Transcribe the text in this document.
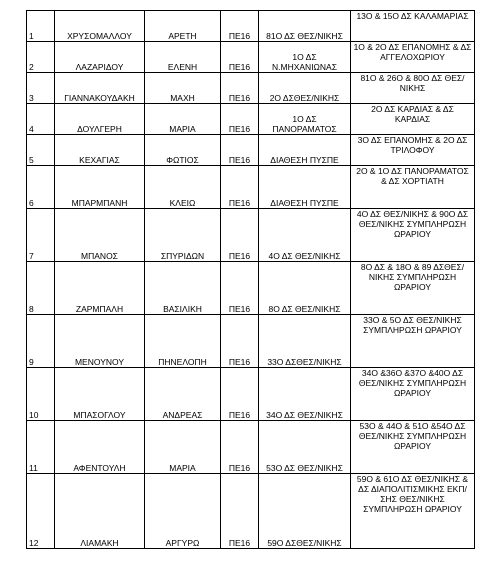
1	ΧΡΥΣΟΜΑΛΛΟΥ	ΑΡΕΤΗ	ΠΕ16	81Ο ΔΣ ΘΕΣ/ΝΙΚΗΣ	13Ο & 15Ο ΔΣ ΚΑΛΑΜΑΡΙΑΣ

2	ΛΑΖΑΡΙΔΟΥ	ΕΛΕΝΗ	ΠΕ16	1Ο ΔΣ Ν.ΜΗΧΑΝΙΩΝΑΣ	1Ο & 2Ο ΔΣ ΕΠΑΝΟΜΗΣ & ΔΣ ΑΓΓΕΛΟΧΩΡΙΟΥ

3	ΓΙΑΝΝΑΚΟΥΔΑΚΗ	ΜΑΧΗ	ΠΕ16	2Ο ΔΣΘΕΣ/ΝΙΚΗΣ	81Ο & 26Ο & 80Ο ΔΣ ΘΕΣ/ΝΙΚΗΣ

4	ΔΟΥΛΓΕΡΗ	ΜΑΡΙΑ	ΠΕ16	1Ο ΔΣ ΠΑΝΟΡΑΜΑΤΟΣ	2Ο ΔΣ ΚΑΡΔΙΑΣ & ΔΣ ΚΑΡΔΙΑΣ

5	ΚΕΧΑΓΙΑΣ	ΦΩΤΙΟΣ	ΠΕ16	ΔΙΑΘΕΣΗ ΠΥΣΠΕ	3Ο ΔΣ ΕΠΑΝΟΜΗΣ & 2Ο ΔΣ ΤΡΙΛΟΦΟΥ

6	ΜΠΑΡΜΠΑΝΗ	ΚΛΕΙΩ	ΠΕ16	ΔΙΑΘΕΣΗ ΠΥΣΠΕ	2Ο & 1Ο ΔΣ ΠΑΝΟΡΑΜΑΤΟΣ & ΔΣ ΧΟΡΤΙΑΤΗ

7	ΜΠΑΝΟΣ	ΣΠΥΡΙΔΩΝ	ΠΕ16	4Ο ΔΣ ΘΕΣ/ΝΙΚΗΣ	4Ο ΔΣ ΘΕΣ/ΝΙΚΗΣ & 90Ο ΔΣ ΘΕΣ/ΝΙΚΗΣ ΣΥΜΠΛΗΡΩΣΗ ΩΡΑΡΙΟΥ

8	ΖΑΡΜΠΑΛΗ	ΒΑΣΙΛΙΚΗ	ΠΕ16	8Ο ΔΣ ΘΕΣ/ΝΙΚΗΣ	8Ο ΔΣ & 18Ο & 89 ΔΣΘΕΣ/ΝΙΚΗΣ ΣΥΜΠΛΗΡΩΣΗ ΩΡΑΡΙΟΥ

9	ΜΕΝΟΥΝΟΥ	ΠΗΝΕΛΟΠΗ	ΠΕ16	33Ο ΔΣΘΕΣ/ΝΙΚΗΣ	33Ο & 5Ο ΔΣ ΘΕΣ/ΝΙΚΗΣ ΣΥΜΠΛΗΡΩΣΗ ΩΡΑΡΙΟΥ

10	ΜΠΑΣΟΓΛΟΥ	ΑΝΔΡΕΑΣ	ΠΕ16	34Ο ΔΣ ΘΕΣ/ΝΙΚΗΣ	34Ο &36Ο &37Ο &40Ο ΔΣ ΘΕΣ/ΝΙΚΗΣ ΣΥΜΠΛΗΡΩΣΗ ΩΡΑΡΙΟΥ

11	ΑΦΕΝΤΟΥΛΗ	ΜΑΡΙΑ	ΠΕ16	53Ο ΔΣ ΘΕΣ/ΝΙΚΗΣ	53Ο & 44Ο & 51Ο &54Ο ΔΣ ΘΕΣ/ΝΙΚΗΣ ΣΥΜΠΛΗΡΩΣΗ ΩΡΑΡΙΟΥ

12	ΛΙΑΜΑΚΗ	ΑΡΓΥΡΩ	ΠΕ16	59Ο ΔΣΘΕΣ/ΝΙΚΗΣ	59Ο & 61Ο ΔΣ ΘΕΣ/ΝΙΚΗΣ & ΔΣ ΔΙΑΠΟΛΙΤΙΣΜΙΚΗΣ ΕΚΠ/ΣΗΣ ΘΕΣ/ΝΙΚΗΣ ΣΥΜΠΛΗΡΩΣΗ ΩΡΑΡΙΟΥ
